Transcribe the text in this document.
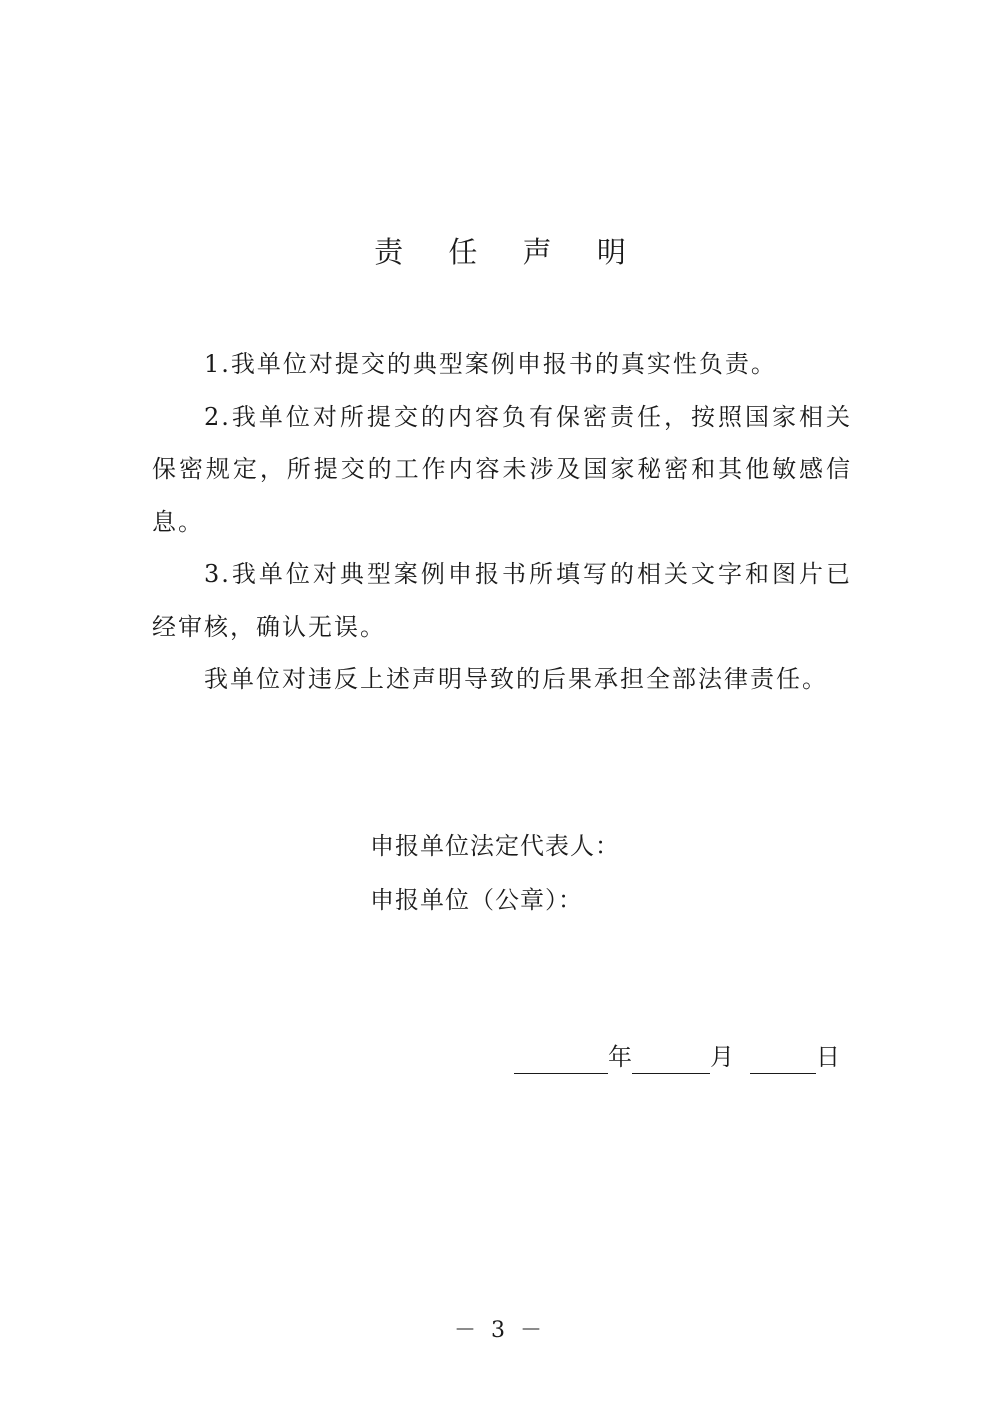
责 任 声 明

1.我单位对提交的典型案例申报书的真实性负责。

2.我单位对所提交的内容负有保密责任，按照国家相关保密规定，所提交的工作内容未涉及国家秘密和其他敏感信息。

3.我单位对典型案例申报书所填写的相关文字和图片已经审核，确认无误。

我单位对违反上述声明导致的后果承担全部法律责任。

申报单位法定代表人：
申报单位（公章）：
年	月	日
－ 3 －
